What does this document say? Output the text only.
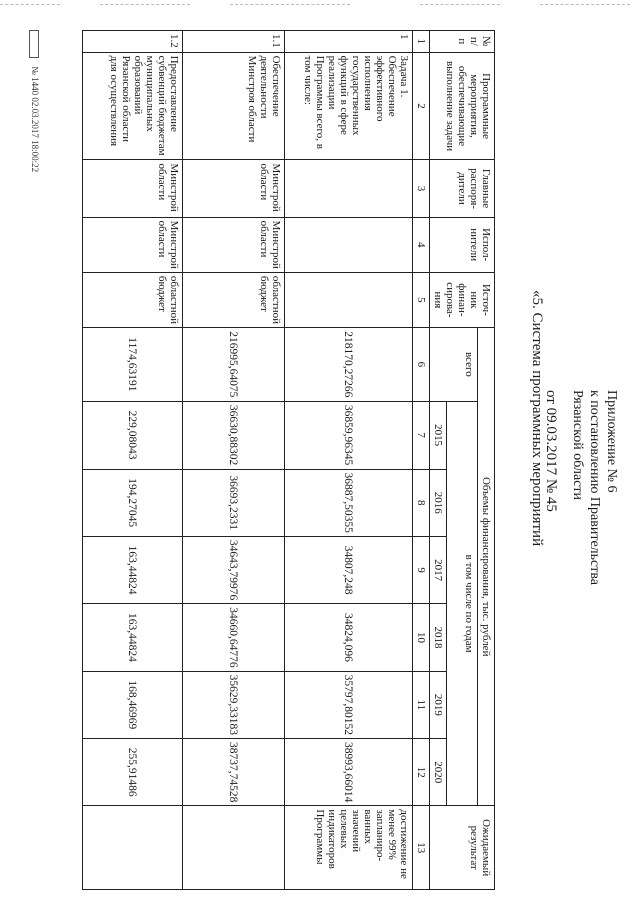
Приложение № 6
к постановлению Правительства
Рязанской области
от 09.03.2017 № 45
«5. Система программных мероприятий
№ п/п	Программные мероприятия, обеспечивающие выполнение задачи	Главные распоря-дители	Испол-нители	Источ-ник финан-сирова-ния	Объемы финансирования, тыс. рублей							Ожидаемый результат
					всего	в том числе по годам						
						2015	2016	2017	2018	2019	2020	
1	2	3	4	5	6	7	8	9	10	11	12	13
1	Задача 1. Обеспечение эффективного исполнения государственных функций в сфере реализации Программы всего, в том числе:				218170,27266	36859,96345	36887,50355	34807,248	34824,096	35797,80152	38993,66014	достижение не менее 99% запланиро-ванных значений целевых индикаторов Программы
1.1	Обеспечение деятельности Минстроя области	Минстрой области	Минстрой области	областной бюджет	216995,64075	36630,88302	36693,2331	34643,79976	34660,64776	35629,33183	38737,74528	
1.2	Предоставление субвенций бюджетам муниципальных образований Рязанской области для осуществления	Минстрой области	Минстрой области	областной бюджет	1174,63191	229,08043	194,27045	163,44824	163,44824	168,46969	255,91486	
№ 1440 02.03.2017 18:00:22
